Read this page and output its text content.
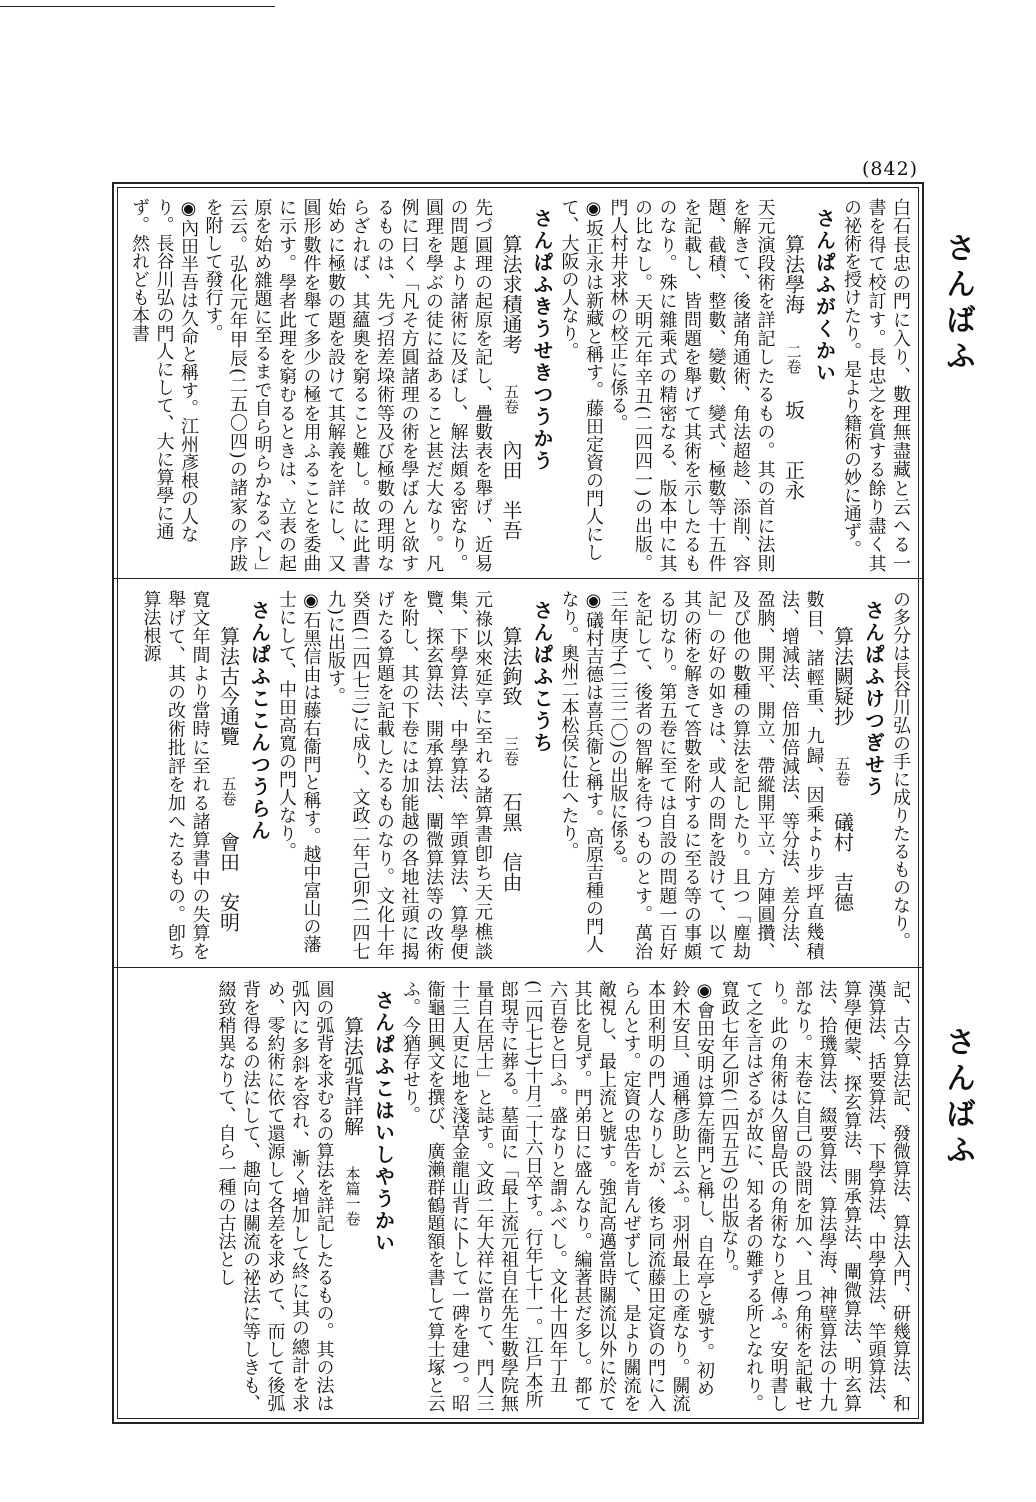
(842)
さんばふ
さんばふ
白石長忠の門に入り、數理無盡藏と云へる一書を得て校訂す。長忠之を賞する餘り盡く其の祕術を授けたり。是より籍術の妙に通ず。
さんぱふがくかい
算法學海二卷坂　　正永
天元演段術を詳記したるもの。其の首に法則を解きて、後諸角通術、角法超趁、添削、容題、截積、整數、變數、變式、極數等十五件を記載し、皆問題を舉げて其術を示したるものなり。殊に雜乘式の精密なる、版本中に其の比なし。天明元年辛丑(二四四一)の出版。門人村井求林の校正に係る。
◉坂正永は新藏と稱す。藤田定資の門人にして、大阪の人なり。
さんぱふきうせきつうかう
算法求積通考五卷內田　半吾
先づ圓理の起原を記し、疊數表を舉げ、近易の問題より諸術に及ぼし、解法頗る密なり。圓理を學ぶの徒に益あること甚だ大なり。凡例に曰く「凡そ方圓諸理の術を學ばんと欲するものは、先づ招差垜術等及び極數の理明ならざれば、其蘊奧を窮ること難し。故に此書始めに極數の題を設けて其解義を詳にし、又圓形數件を舉て多少の極を用ふることを委曲に示す。學者此理を窮むるときは、立表の起原を始め雜題に至るまで自ら明らかなるべし」云云。弘化元年甲辰(二五〇四)の諸家の序跋を附して發行す。
◉內田半吾は久命と稱す。江州彥根の人なり。長谷川弘の門人にして、大に算學に通ず。然れども本書
の多分は長谷川弘の手に成りたるものなり。
さんぱふけつぎせう
算法闕疑抄五卷礒村　吉德
數目、諸輕重、九歸、因乘より步坪直幾積法、增減法、倍加倍減法、等分法、差分法、盈朒、開平、開立、帶縱開平立、方陣圓攢、及び他の數種の算法を記したり。且つ「塵劫記」の好の如きは、或人の問を設けて、以て其の術を解きて答數を附するに至る等の事頗る切なり。第五卷に至ては自設の問題一百好を記して、後者の智解を待つものとす。萬治三年庚子(二三二〇)の出版に係る。
◉礒村吉德は喜兵衞と稱す。高原吉種の門人なり。奧州二本松侯に仕へたり。
さんぱふこうち
算法鉤致三卷石黑　信由
元祿以來延享に至れる諸算書卽ち天元樵談集、下學算法、中學算法、竿頭算法、算學便覽、探玄算法、開承算法、闡微算法等の改術を附し、其の下卷には加能越の各地社頭に揭げたる算題を記載したるものなり。文化十年癸酉(二四七三)に成り、文政二年己卯(二四七九)に出版す。
◉石黑信由は藤右衞門と稱す。越中富山の藩士にして、中田高寬の門人なり。
さんぱふここんつうらん
算法古今通覽五卷會田　安明
寬文年間より當時に至れる諸算書中の失算を舉げて、其の改術批評を加へたるもの。卽ち算法根源
記、古今算法記、發微算法、算法入門、研幾算法、和漢算法、括要算法、下學算法、中學算法、竿頭算法、算學便蒙、探玄算法、開承算法、闡微算法、明玄算法、拾璣算法、綴要算法、算法學海、神壁算法の十九部なり。末卷に自己の設問を加へ、且つ角術を記載せり。此の角術は久留島氏の角術なりと傳ふ。安明書して之を言はざるが故に、知る者の難ずる所となれり。寬政七年乙卯(二四五五)の出版なり。
◉會田安明は算左衞門と稱し、自在亭と號す。初め鈴木安旦、通稱彥助と云ふ。羽州最上の產なり。關流本田利明の門人なりしが、後ち同流藤田定資の門に入らんとす。定資の忠告を肯んぜずして、是より關流を敵視し、最上流と號す。強記高邁當時關流以外に於て其比を見ず。門弟日に盛んなり。編著甚だ多し。都て六百卷と曰ふ。盛なりと謂ふべし。文化十四年丁丑(二四七七)十月二十六日卒す。行年七十一。江戶本所郎現寺に葬る。墓面に「最上流元祖自在先生數學院無量自在居士」と誌す。文政二年大祥に當りて、門人三十三人更に地を淺草金龍山背に卜して一碑を建つ。昭衞龜田興文を撰び、廣瀨群鶴題額を書して算士塚と云ふ。今猶存せり。
さんぱふこはいしやうかい
算法弧背詳解本篇一卷
圓の弧背を求むるの算法を詳記したるもの。其の法は弧內に多斜を容れ、漸く增加して終に其の總計を求め、零約術に依て還源して各差を求めて、而して後弧背を得るの法にして、趣向は關流の祕法に等しきも、綴致稍異なりて、自ら一種の古法とし
